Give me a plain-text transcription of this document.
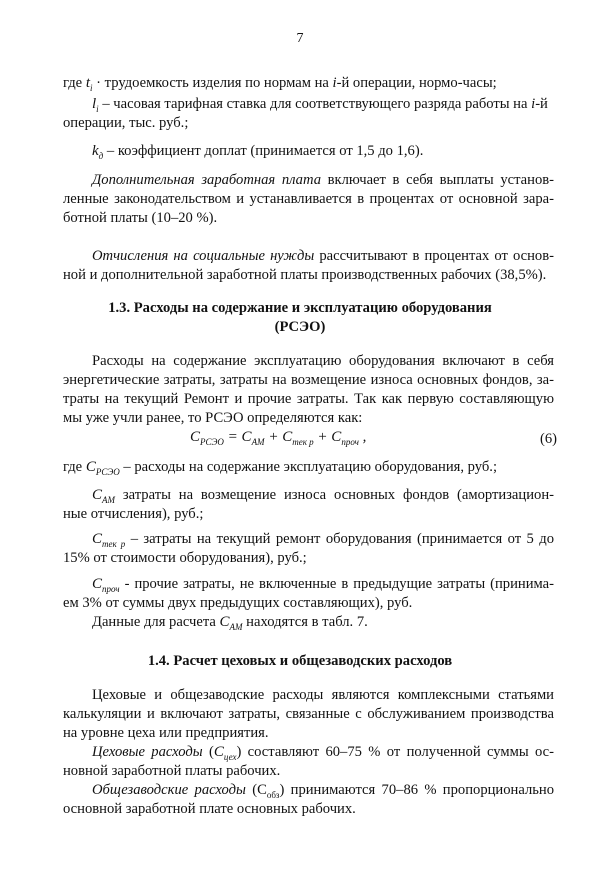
7
где $t_i$ · трудоемкость изделия по нормам на i-й операции, нормо-часы;
$l_i$ – часовая тарифная ставка для соответствующего разряда работы на i-й
операции, тыс. руб.;
$k_д$ – коэффициент доплат (принимается от 1,5 до 1,6).
Дополнительная заработная плата включает в себя выплаты установ-
ленные законодательством и устанавливается в процентах от основной зара-
ботной платы (10–20 %).
Отчисления на социальные нужды рассчитывают в процентах от основ-
ной и дополнительной заработной платы производственных рабочих (38,5%).
1.3. Расходы на содержание и эксплуатацию оборудования
(РСЭО)
Расходы на содержание эксплуатацию оборудования включают в себя
энергетические затраты, затраты на возмещение износа основных фондов, за-
траты на текущий Ремонт и прочие затраты. Так как первую составляющую
мы уже учли ранее, то РСЭО определяются как:
$C_{РСЭО} = C_{АМ} + C_{тек р} + C_{проч}$ ,	(6)
где $C_{РСЭО}$ – расходы на содержание эксплуатацию оборудования, руб.;
$C_{АМ}$ затраты на возмещение износа основных фондов (амортизацион-
ные отчисления), руб.;
$C_{тек р}$ – затраты на текущий ремонт оборудования (принимается от 5 до
15% от стоимости оборудования), руб.;
$C_{проч}$ - прочие затраты, не включенные в предыдущие затраты (принима-
ем 3% от суммы двух предыдущих составляющих), руб.
Данные для расчета $C_{АМ}$ находятся в табл. 7.
1.4. Расчет цеховых и общезаводских расходов
Цеховые и общезаводские расходы являются комплексными статьями
калькуляции и включают затраты, связанные с обслуживанием производства
на уровне цеха или предприятия.
Цеховые расходы $(C_{цех})$ составляют 60–75 % от полученной суммы ос-
новной заработной платы рабочих.
Общезаводские расходы $(С_{обз})$ принимаются 70–86 % пропорционально
основной заработной плате основных рабочих.
